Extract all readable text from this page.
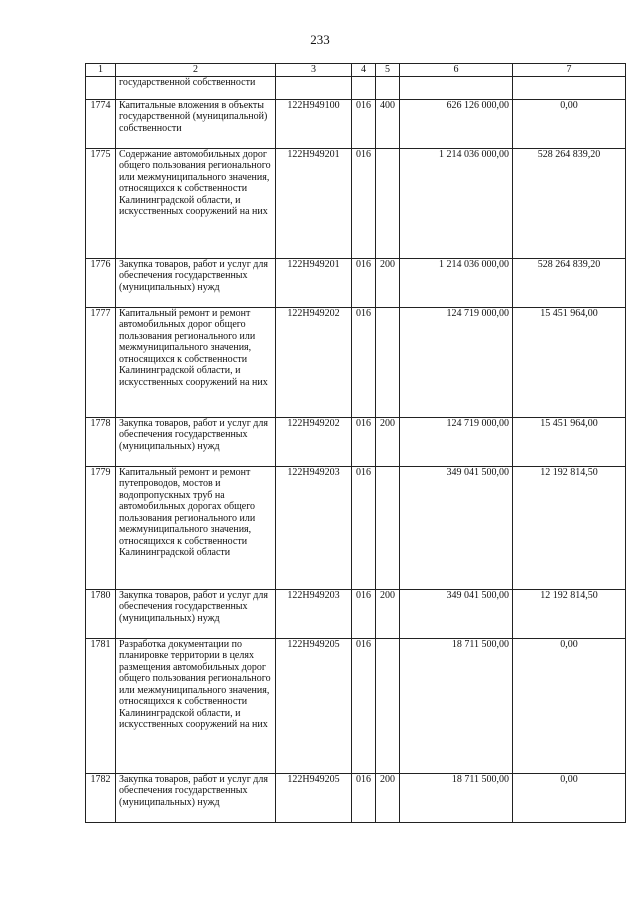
233
1	2	3	4	5	6	7
	государственной собственности					
1774	Капитальные вложения в объекты государственной (муниципальной) собственности	122H949100	016	400	626 126 000,00	0,00
1775	Содержание автомобильных дорог общего пользования регионального или межмуниципального значения, относящихся к собственности Калининградской области, и искусственных сооружений на них	122H949201	016		1 214 036 000,00	528 264 839,20
1776	Закупка товаров, работ и услуг для обеспечения государственных (муниципальных) нужд	122H949201	016	200	1 214 036 000,00	528 264 839,20
1777	Капитальный ремонт и ремонт автомобильных дорог общего пользования регионального или межмуниципального значения, относящихся к собственности Калининградской области, и искусственных сооружений на них	122H949202	016		124 719 000,00	15 451 964,00
1778	Закупка товаров, работ и услуг для обеспечения государственных (муниципальных) нужд	122H949202	016	200	124 719 000,00	15 451 964,00
1779	Капитальный ремонт и ремонт путепроводов, мостов и водопропускных труб на автомобильных дорогах общего пользования регионального или межмуниципального значения, относящихся к собственности Калининградской области	122H949203	016		349 041 500,00	12 192 814,50
1780	Закупка товаров, работ и услуг для обеспечения государственных (муниципальных) нужд	122H949203	016	200	349 041 500,00	12 192 814,50
1781	Разработка документации по планировке территории в целях размещения автомобильных дорог общего пользования регионального или межмуниципального значения, относящихся к собственности Калининградской области, и искусственных сооружений на них	122H949205	016		18 711 500,00	0,00
1782	Закупка товаров, работ и услуг для обеспечения государственных (муниципальных) нужд	122H949205	016	200	18 711 500,00	0,00
